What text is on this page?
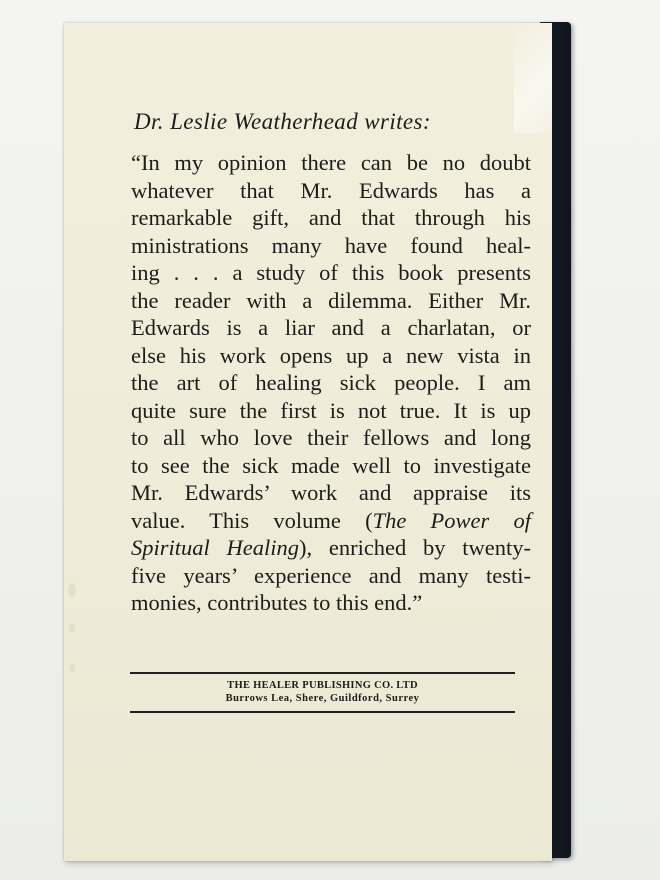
Dr. Leslie Weatherhead writes:
“In my opinion there can be no doubt
whatever that Mr. Edwards has a
remarkable gift, and that through his
ministrations many have found heal-
ing . . . a study of this book presents
the reader with a dilemma. Either Mr.
Edwards is a liar and a charlatan, or
else his work opens up a new vista in
the art of healing sick people. I am
quite sure the first is not true. It is up
to all who love their fellows and long
to see the sick made well to investigate
Mr. Edwards’ work and appraise its
value. This volume (The Power of
Spiritual Healing), enriched by twenty-
five years’ experience and many testi-
monies, contributes to this end.”
THE HEALER PUBLISHING CO. LTD
Burrows Lea, Shere, Guildford, Surrey
